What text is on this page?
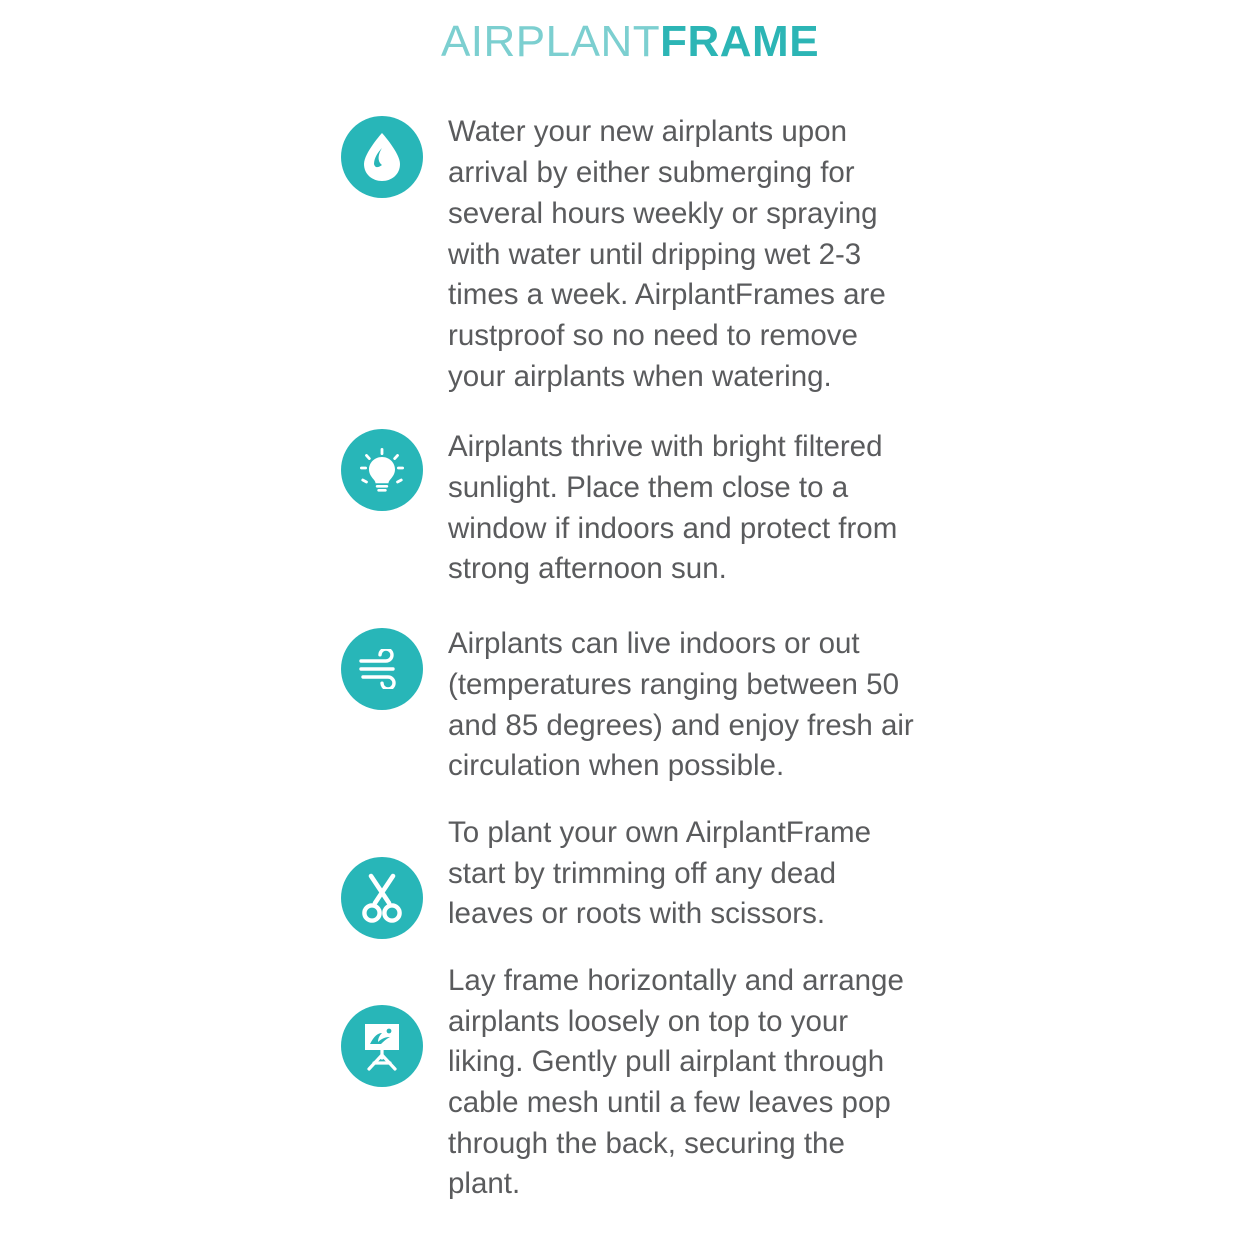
AIRPLANTFRAME
Water your new airplants upon arrival by either submerging for several hours weekly or spraying with water until dripping wet 2-3 times a week. AirplantFrames are rustproof so no need to remove your airplants when watering.
Airplants thrive with bright filtered sunlight. Place them close to a window if indoors and protect from strong afternoon sun.
Airplants can live indoors or out (temperatures ranging between 50 and 85 degrees) and enjoy fresh air circulation when possible.
To plant your own AirplantFrame start by trimming off any dead leaves or roots with scissors.
Lay frame horizontally and arrange airplants loosely on top to your liking. Gently pull airplant through cable mesh until a few leaves pop through the back, securing the plant.
